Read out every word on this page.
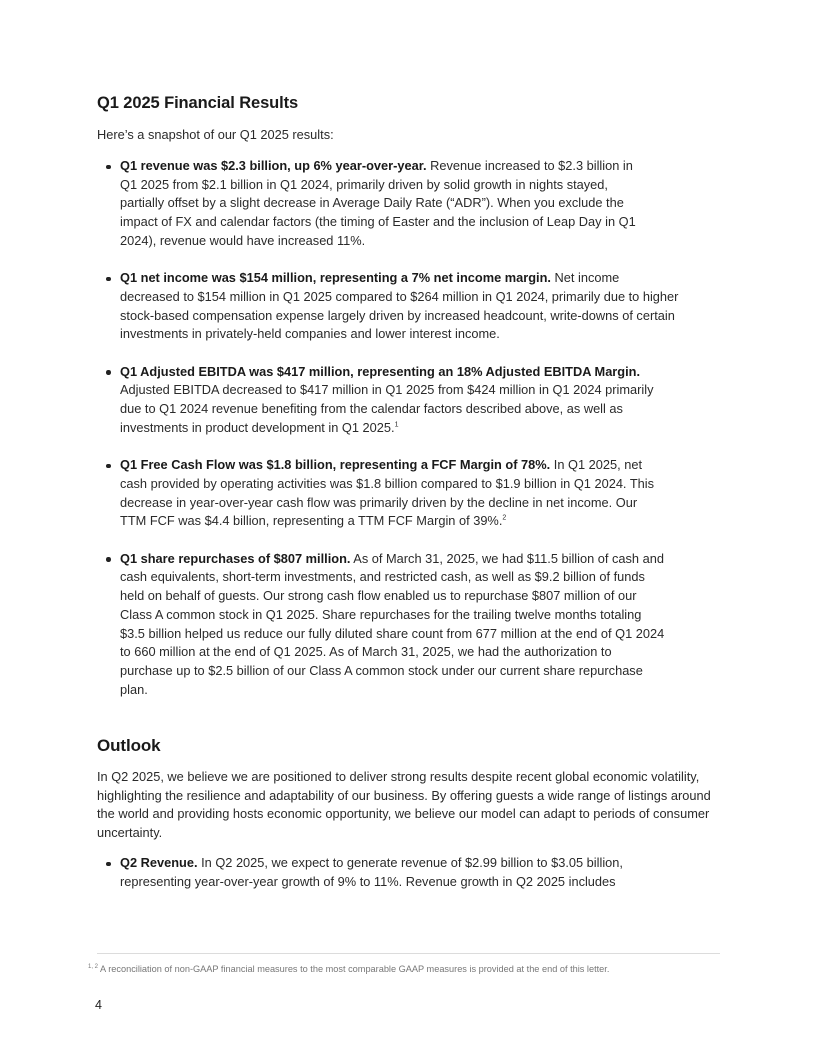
Q1 2025 Financial Results

Here’s a snapshot of our Q1 2025 results:

Q1 revenue was $2.3 billion, up 6% year-over-year. Revenue increased to $2.3 billion in Q1 2025 from $2.1 billion in Q1 2024, primarily driven by solid growth in nights stayed, partially offset by a slight decrease in Average Daily Rate (“ADR”). When you exclude the impact of FX and calendar factors (the timing of Easter and the inclusion of Leap Day in Q1 2024), revenue would have increased 11%.
Q1 net income was $154 million, representing a 7% net income margin. Net income decreased to $154 million in Q1 2025 compared to $264 million in Q1 2024, primarily due to higher stock-based compensation expense largely driven by increased headcount, write-downs of certain investments in privately-held companies and lower interest income.
Q1 Adjusted EBITDA was $417 million, representing an 18% Adjusted EBITDA Margin. Adjusted EBITDA decreased to $417 million in Q1 2025 from $424 million in Q1 2024 primarily due to Q1 2024 revenue benefiting from the calendar factors described above, as well as investments in product development in Q1 2025.$^1$
Q1 Free Cash Flow was $1.8 billion, representing a FCF Margin of 78%. In Q1 2025, net cash provided by operating activities was $1.8 billion compared to $1.9 billion in Q1 2024. This decrease in year-over-year cash flow was primarily driven by the decline in net income. Our TTM FCF was $4.4 billion, representing a TTM FCF Margin of 39%.$^2$
Q1 share repurchases of $807 million. As of March 31, 2025, we had $11.5 billion of cash and cash equivalents, short-term investments, and restricted cash, as well as $9.2 billion of funds held on behalf of guests. Our strong cash flow enabled us to repurchase $807 million of our Class A common stock in Q1 2025. Share repurchases for the trailing twelve months totaling $3.5 billion helped us reduce our fully diluted share count from 677 million at the end of Q1 2024 to 660 million at the end of Q1 2025. As of March 31, 2025, we had the authorization to purchase up to $2.5 billion of our Class A common stock under our current share repurchase plan.
Outlook

In Q2 2025, we believe we are positioned to deliver strong results despite recent global economic volatility, highlighting the resilience and adaptability of our business. By offering guests a wide range of listings around the world and providing hosts economic opportunity, we believe our model can adapt to periods of consumer uncertainty.

Q2 Revenue. In Q2 2025, we expect to generate revenue of $2.99 billion to $3.05 billion, representing year-over-year growth of 9% to 11%. Revenue growth in Q2 2025 includes

$^{1, 2}$ A reconciliation of non-GAAP financial measures to the most comparable GAAP measures is provided at the end of this letter.

4
